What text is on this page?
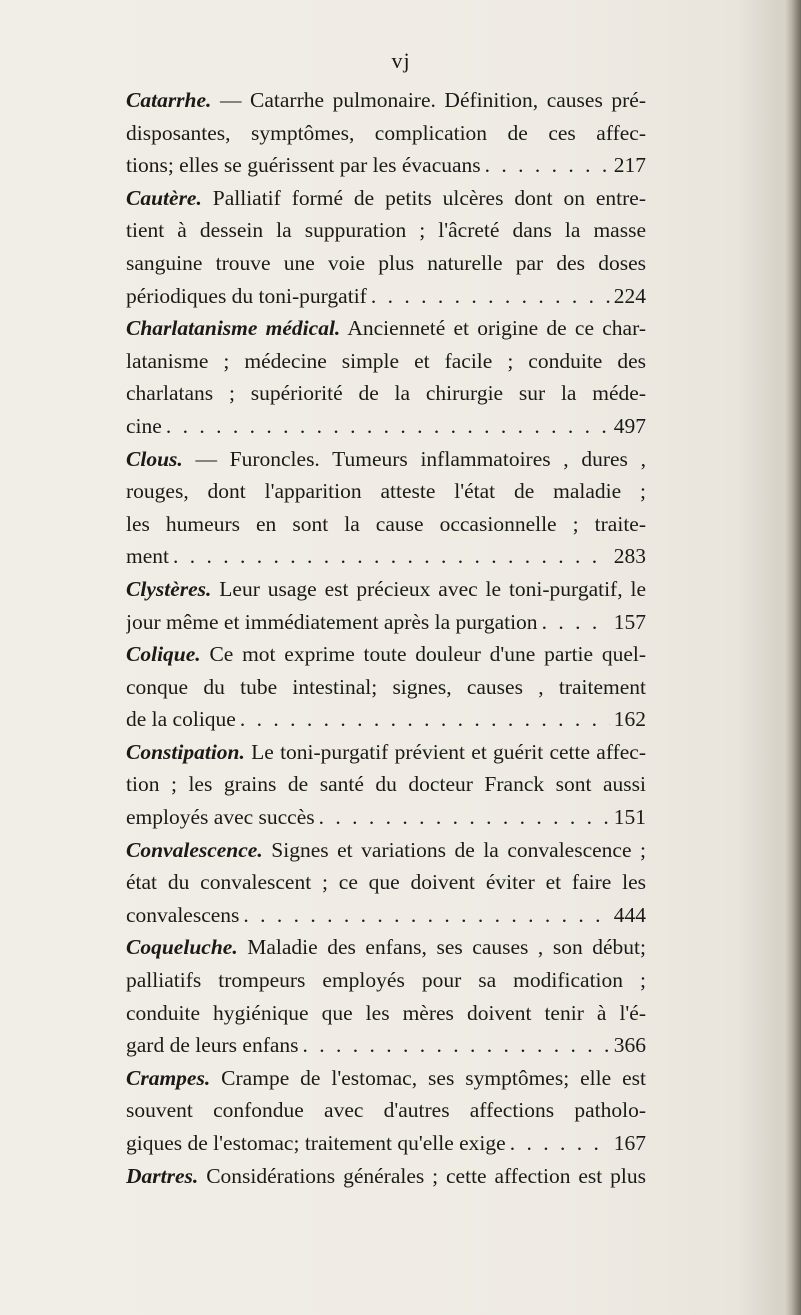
vj
Catarrhe. — Catarrhe pulmonaire. Définition, causes pré-
disposantes, symptômes, complication de ces affec-
tions; elles se guérissent par les évacuans . . .	217
Cautère. Palliatif formé de petits ulcères dont on entre-
tient à dessein la suppuration ; l'âcreté dans la masse
sanguine trouve une voie plus naturelle par des doses
périodiques du toni-purgatif . . .	224
Charlatanisme médical. Ancienneté et origine de ce char-
latanisme ; médecine simple et facile ; conduite des
charlatans ; supériorité de la chirurgie sur la méde-
cine . . .	497
Clous. — Furoncles. Tumeurs inflammatoires , dures ,
rouges, dont l'apparition atteste l'état de maladie ;
les humeurs en sont la cause occasionnelle ; traite-
ment . . .	283
Clystères. Leur usage est précieux avec le toni-purgatif, le
jour même et immédiatement après la purgation . . .	157
Colique. Ce mot exprime toute douleur d'une partie quel-
conque du tube intestinal; signes, causes , traitement
de la colique . . .	162
Constipation. Le toni-purgatif prévient et guérit cette affec-
tion ; les grains de santé du docteur Franck sont aussi
employés avec succès . . .	151
Convalescence. Signes et variations de la convalescence ;
état du convalescent ; ce que doivent éviter et faire les
convalescens . . .	444
Coqueluche. Maladie des enfans, ses causes , son début;
palliatifs trompeurs employés pour sa modification ;
conduite hygiénique que les mères doivent tenir à l'é-
gard de leurs enfans . . .	366
Crampes. Crampe de l'estomac, ses symptômes; elle est
souvent confondue avec d'autres affections patholo-
giques de l'estomac; traitement qu'elle exige . . .	167
Dartres. Considérations générales ; cette affection est plus
